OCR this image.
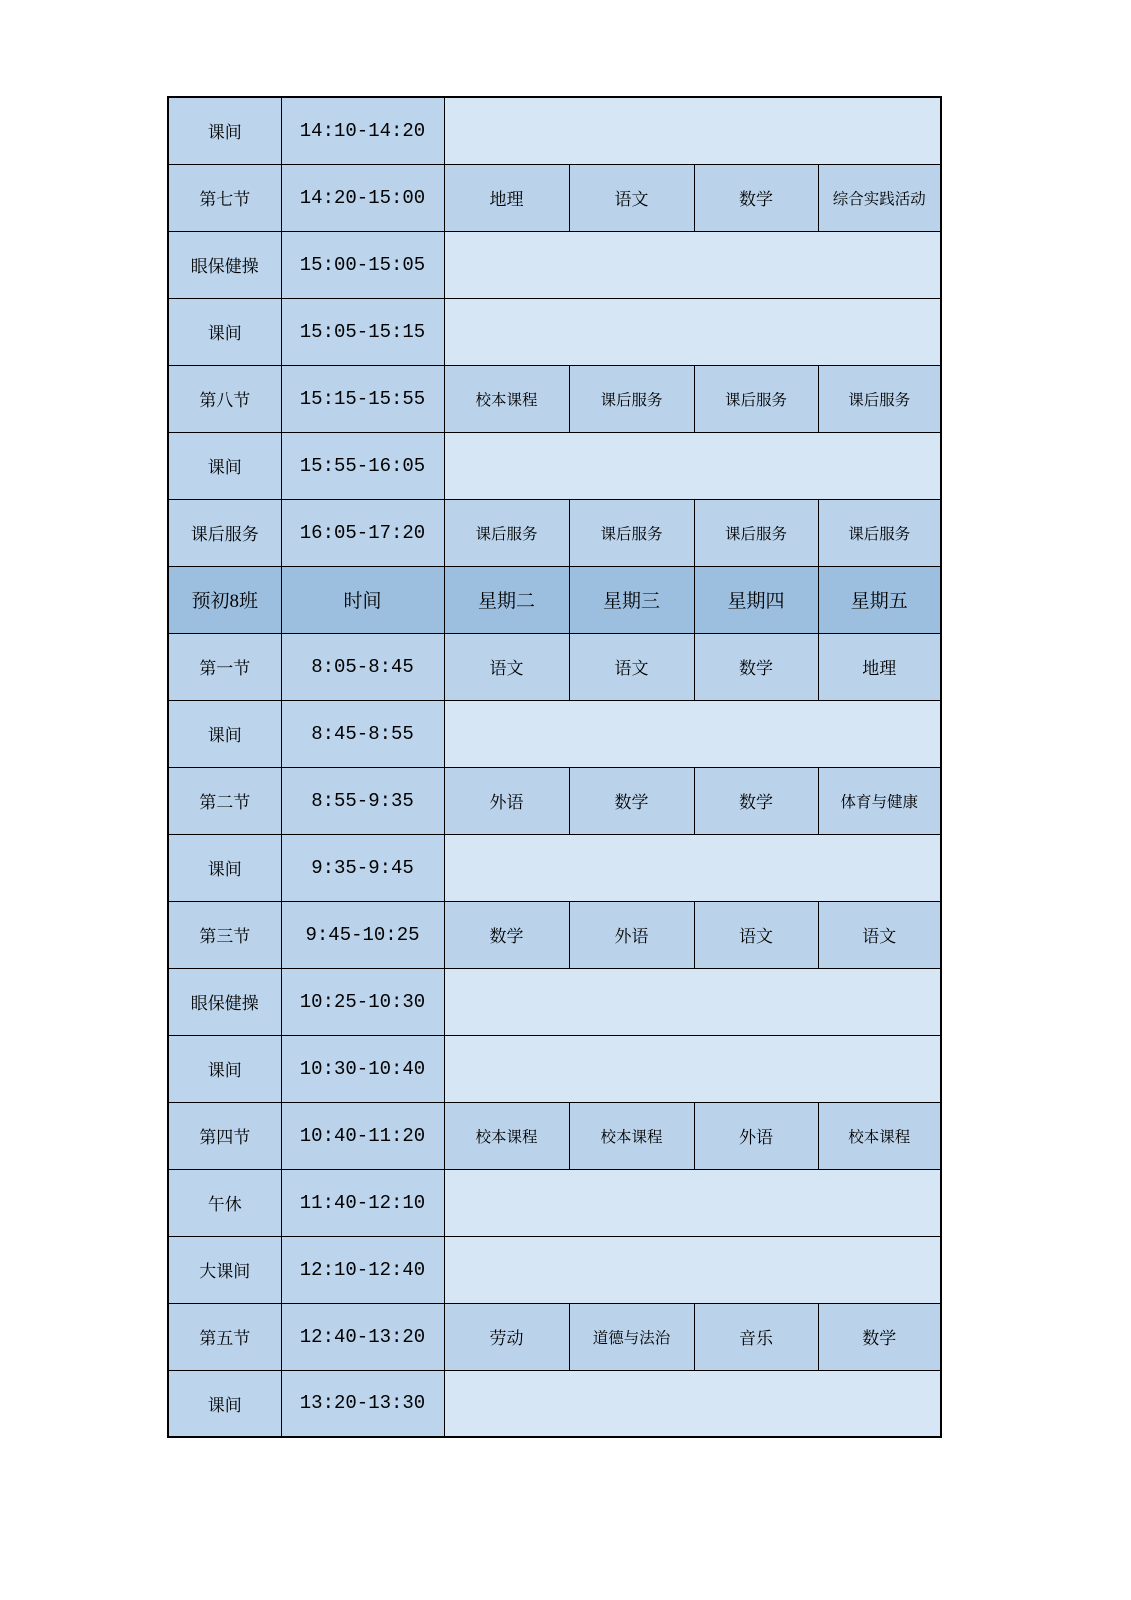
课间	14:10-14:20				
第七节	14:20-15:00	地理	语文	数学	综合实践活动
眼保健操	15:00-15:05				
课间	15:05-15:15				
第八节	15:15-15:55	校本课程	课后服务	课后服务	课后服务
课间	15:55-16:05				
课后服务	16:05-17:20	课后服务	课后服务	课后服务	课后服务
预初8班	时间	星期二	星期三	星期四	星期五
第一节	8:05-8:45	语文	语文	数学	地理
课间	8:45-8:55				
第二节	8:55-9:35	外语	数学	数学	体育与健康
课间	9:35-9:45				
第三节	9:45-10:25	数学	外语	语文	语文
眼保健操	10:25-10:30				
课间	10:30-10:40				
第四节	10:40-11:20	校本课程	校本课程	外语	校本课程
午休	11:40-12:10				
大课间	12:10-12:40				
第五节	12:40-13:20	劳动	道德与法治	音乐	数学
课间	13:20-13:30				
